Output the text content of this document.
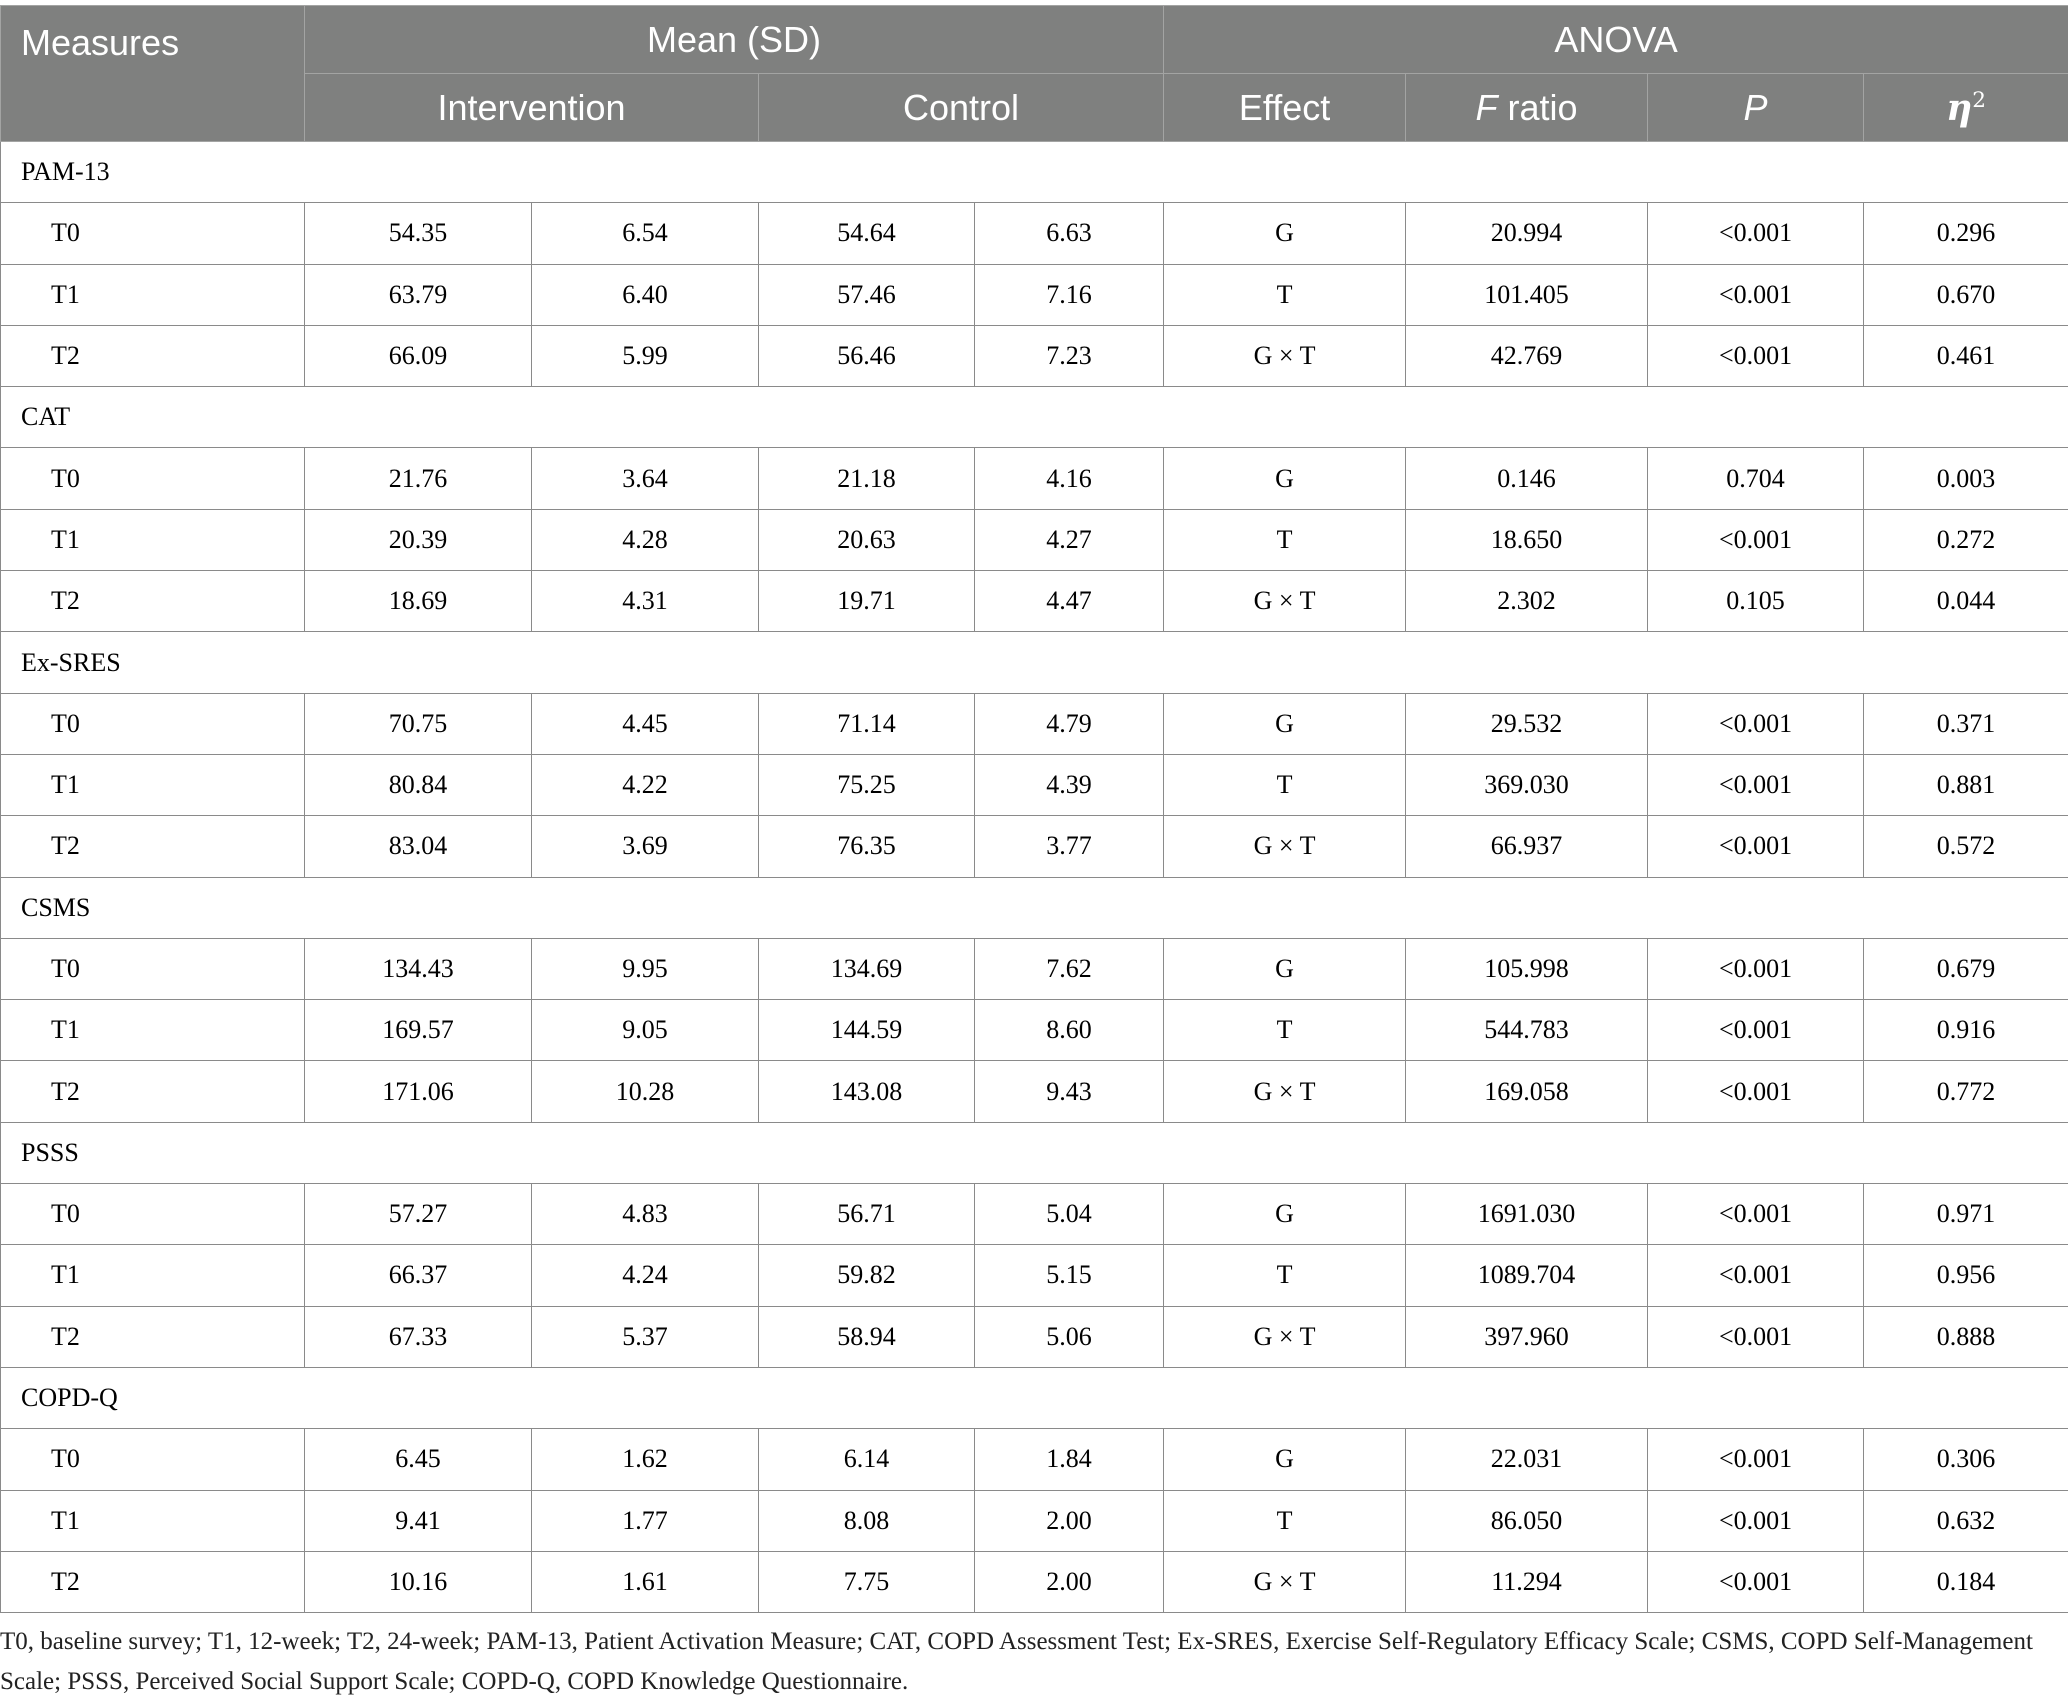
Measures	Mean (SD)				ANOVA			
	Intervention		Control		Effect	F ratio	P	$\eta^2$
PAM-13								
T0	54.35	6.54	54.64	6.63	G	20.994	<0.001	0.296
T1	63.79	6.40	57.46	7.16	T	101.405	<0.001	0.670
T2	66.09	5.99	56.46	7.23	G × T	42.769	<0.001	0.461
CAT								
T0	21.76	3.64	21.18	4.16	G	0.146	0.704	0.003
T1	20.39	4.28	20.63	4.27	T	18.650	<0.001	0.272
T2	18.69	4.31	19.71	4.47	G × T	2.302	0.105	0.044
Ex-SRES								
T0	70.75	4.45	71.14	4.79	G	29.532	<0.001	0.371
T1	80.84	4.22	75.25	4.39	T	369.030	<0.001	0.881
T2	83.04	3.69	76.35	3.77	G × T	66.937	<0.001	0.572
CSMS								
T0	134.43	9.95	134.69	7.62	G	105.998	<0.001	0.679
T1	169.57	9.05	144.59	8.60	T	544.783	<0.001	0.916
T2	171.06	10.28	143.08	9.43	G × T	169.058	<0.001	0.772
PSSS								
T0	57.27	4.83	56.71	5.04	G	1691.030	<0.001	0.971
T1	66.37	4.24	59.82	5.15	T	1089.704	<0.001	0.956
T2	67.33	5.37	58.94	5.06	G × T	397.960	<0.001	0.888
COPD-Q								
T0	6.45	1.62	6.14	1.84	G	22.031	<0.001	0.306
T1	9.41	1.77	8.08	2.00	T	86.050	<0.001	0.632
T2	10.16	1.61	7.75	2.00	G × T	11.294	<0.001	0.184
T0, baseline survey; T1, 12-week; T2, 24-week; PAM-13, Patient Activation Measure; CAT, COPD Assessment Test; Ex-SRES, Exercise Self-Regulatory Efficacy Scale; CSMS, COPD Self-Management Scale; PSSS, Perceived Social Support Scale; COPD-Q, COPD Knowledge Questionnaire.
